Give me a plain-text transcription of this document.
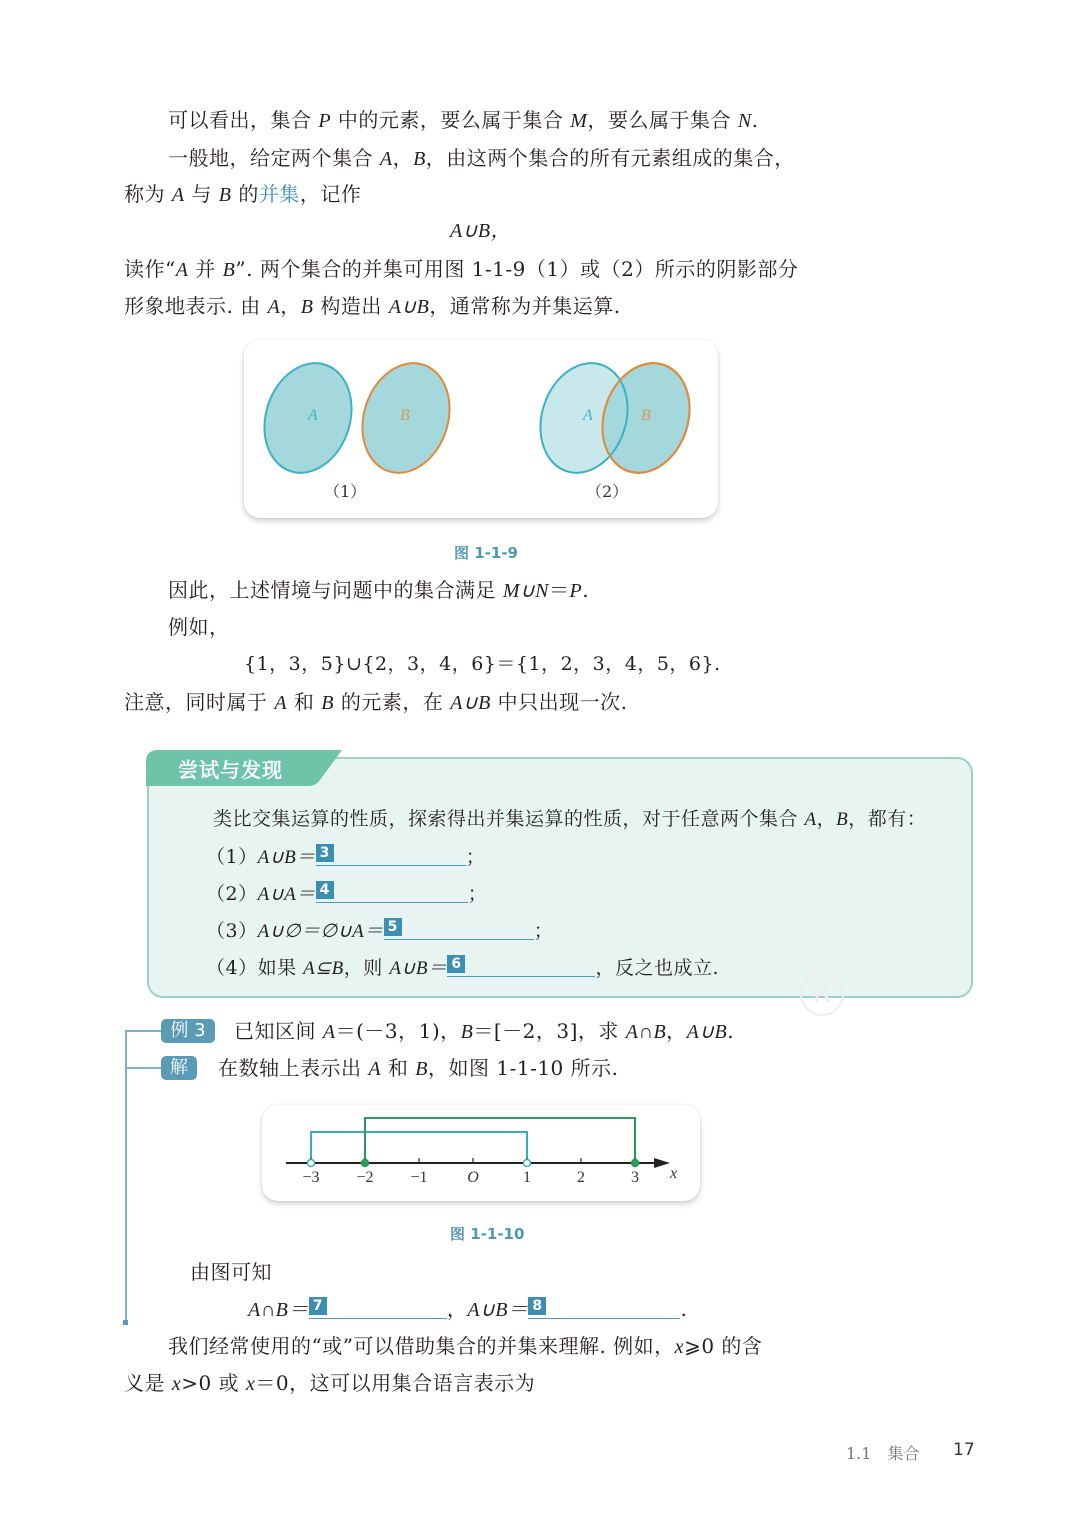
可以看出，集合 P 中的元素，要么属于集合 M，要么属于集合 N.
一般地，给定两个集合 A，B，由这两个集合的所有元素组成的集合，
称为 A 与 B 的并集，记作
A∪B，
读作“A 并 B”. 两个集合的并集可用图 1-1-9（1）或（2）所示的阴影部分
形象地表示. 由 A，B 构造出 A∪B，通常称为并集运算.
A	B	A	B
（1）	（2）
图 1-1-9
因此，上述情境与问题中的集合满足 M∪N＝P.
例如，
{1，3，5}∪{2，3，4，6}＝{1，2，3，4，5，6}.
注意，同时属于 A 和 B 的元素，在 A∪B 中只出现一次.
尝试与发现
类比交集运算的性质，探索得出并集运算的性质，对于任意两个集合 A，B，都有：
（1）A∪B＝ 3	；
（2）A∪A＝ 4	；
（3）A∪∅＝∅∪A＝ 5	；
（4）如果 A⊆B，则 A∪B＝ 6	，反之也成立.
R
例 3	已知区间 A＝(－3，1)，B＝[－2，3]，求 A∩B，A∪B.
解	在数轴上表示出 A 和 B，如图 1-1-10 所示.
−3 −2 −1	O	1	2	3	x
图 1-1-10
由图可知
A∩B＝ 7	，A∪B＝ 8	.
我们经常使用的“或”可以借助集合的并集来理解. 例如，x⩾0 的含
义是 x>0 或 x＝0，这可以用集合语言表示为
1.1　集合 17
